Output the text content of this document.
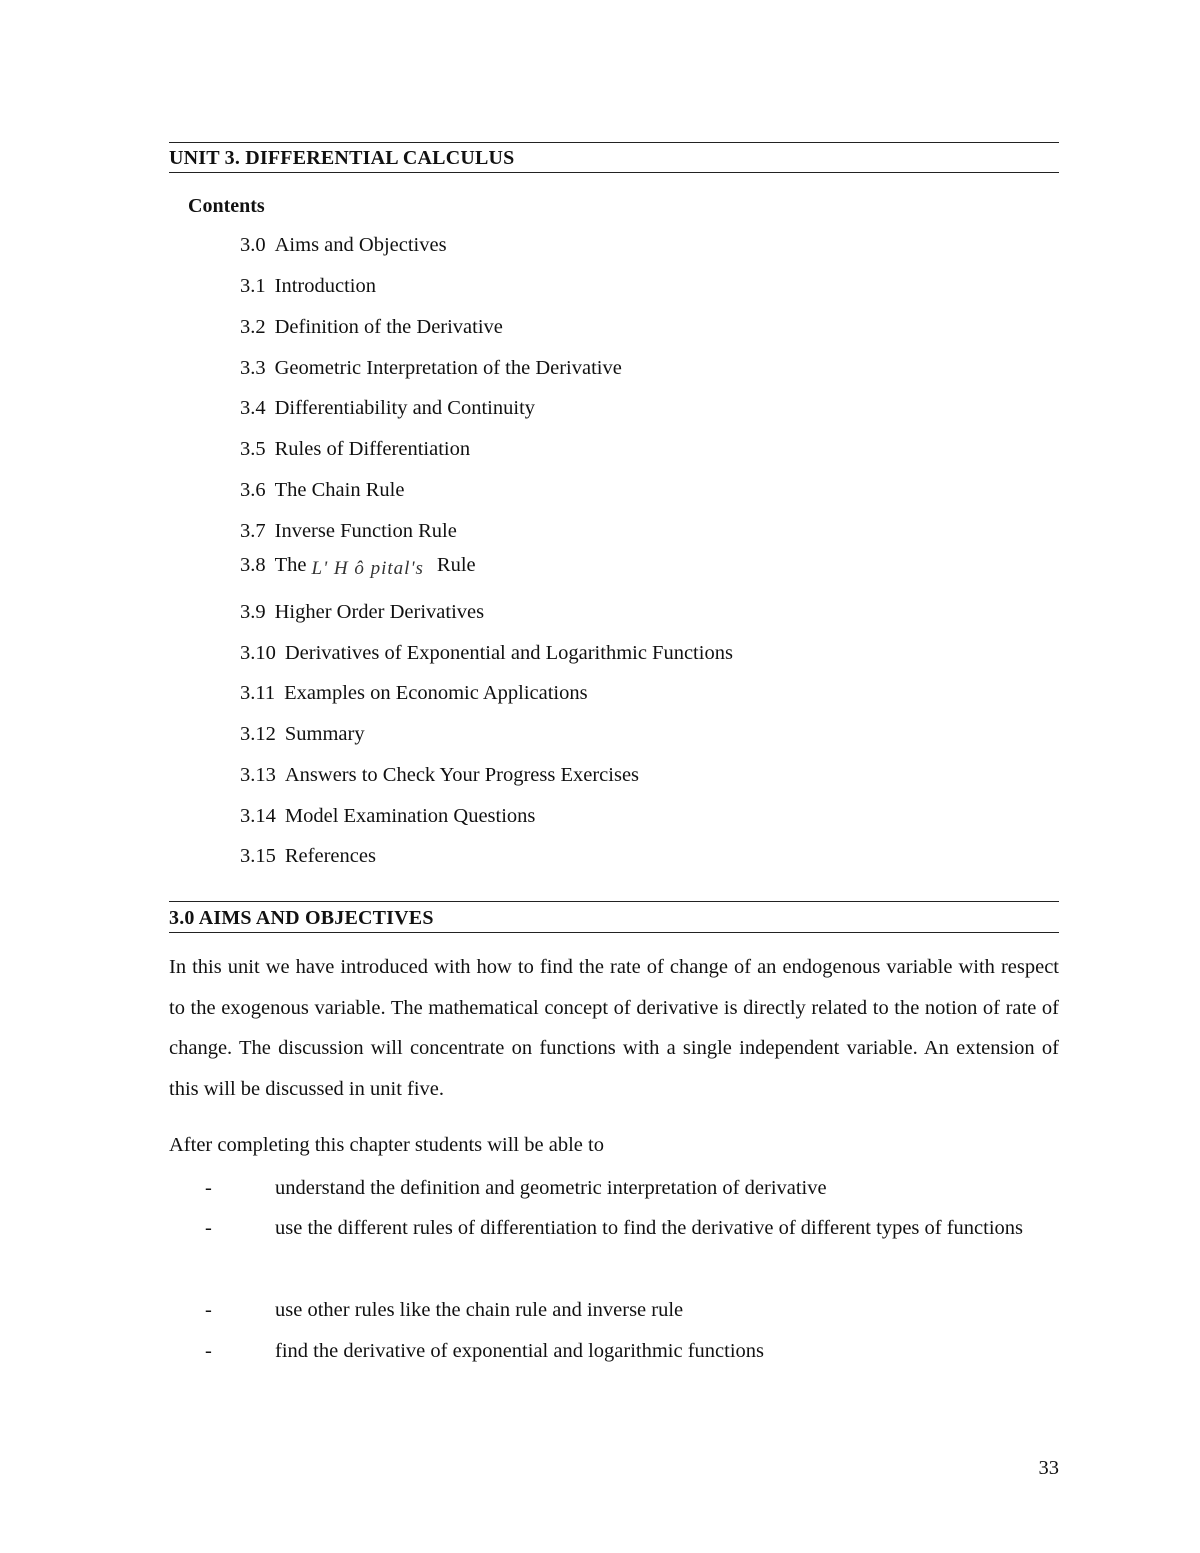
UNIT 3. DIFFERENTIAL CALCULUS
Contents
3.0 Aims and Objectives
3.1 Introduction
3.2 Definition of the Derivative
3.3 Geometric Interpretation of the Derivative
3.4 Differentiability and Continuity
3.5 Rules of Differentiation
3.6 The Chain Rule
3.7 Inverse Function Rule
3.8 The L' H ô pital's Rule
3.9 Higher Order Derivatives
3.10 Derivatives of Exponential and Logarithmic Functions
3.11 Examples on Economic Applications
3.12 Summary
3.13 Answers to Check Your Progress Exercises
3.14 Model Examination Questions
3.15 References
3.0 AIMS AND OBJECTIVES

In this unit we have introduced with how to find the rate of change of an endogenous variable with respect to the exogenous variable. The mathematical concept of derivative is directly related to the notion of rate of change. The discussion will concentrate on functions with a single independent variable. An extension of this will be discussed in unit five.

After completing this chapter students will be able to
-	understand the definition and geometric interpretation of derivative
-	use the different rules of differentiation to find the derivative of different types of functions
-	use other rules like the chain rule and inverse rule
-	find the derivative of exponential and logarithmic functions
33
